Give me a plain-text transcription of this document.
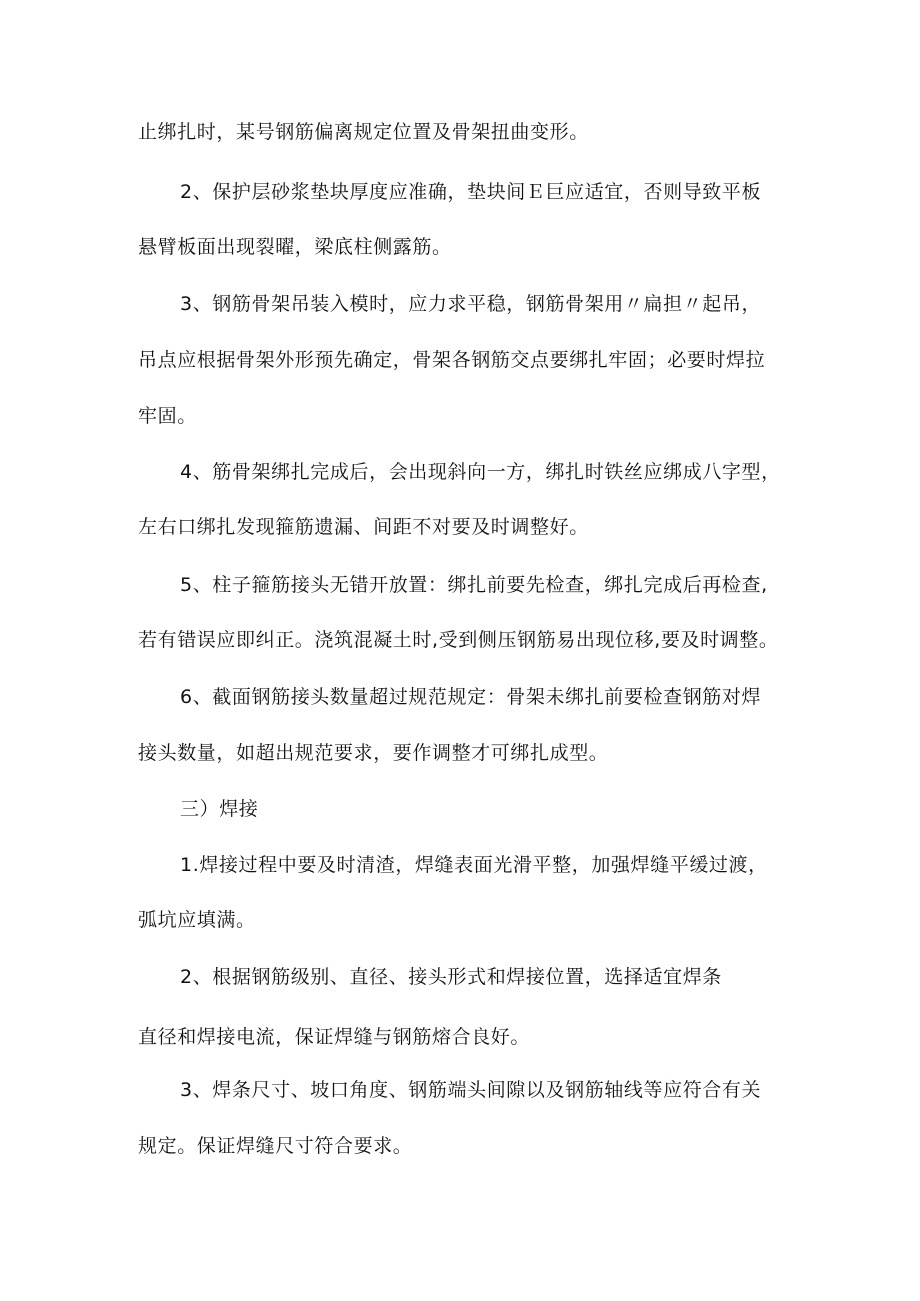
止绑扎时，某号钢筋偏离规定位置及骨架扭曲变形。

2、保护层砂浆垫块厚度应准确，垫块间Ｅ巨应适宜，否则导致平板

悬臂板面出现裂曜，梁底柱侧露筋。

3、钢筋骨架吊装入模时，应力求平稳，钢筋骨架用〃扁担〃起吊，

吊点应根据骨架外形预先确定，骨架各钢筋交点要绑扎牢固；必要时焊拉

牢固。

4、筋骨架绑扎完成后，会出现斜向一方，绑扎时铁丝应绑成八字型，

左右口绑扎发现箍筋遗漏、间距不对要及时调整好。

5、柱子箍筋接头无错开放置：绑扎前要先检查，绑扎完成后再检查,

若有错误应即纠正。浇筑混凝土时,受到侧压钢筋易出现位移,要及时调整。

6、截面钢筋接头数量超过规范规定：骨架未绑扎前要检查钢筋对焊

接头数量，如超出规范要求，要作调整才可绑扎成型。

三）焊接

1.焊接过程中要及时清渣，焊缝表面光滑平整，加强焊缝平缓过渡，

弧坑应填满。

2、根据钢筋级别、直径、接头形式和焊接位置，选择适宜焊条

直径和焊接电流，保证焊缝与钢筋熔合良好。

3、焊条尺寸、坡口角度、钢筋端头间隙以及钢筋轴线等应符合有关

规定。保证焊缝尺寸符合要求。
